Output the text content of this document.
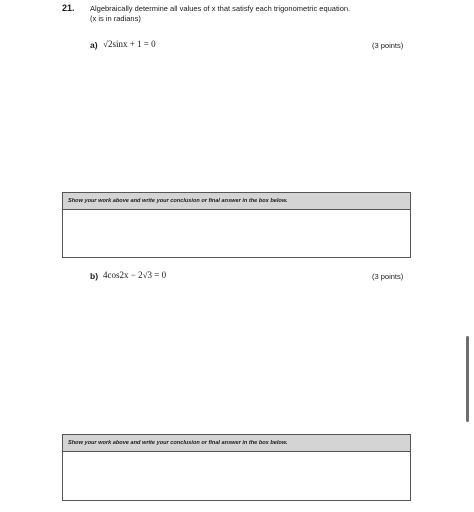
21. Algebraically determine all values of x that satisfy each trigonometric equation.
(x is in radians)
a) √2sinx + 1 = 0	(3 points)
Show your work above and write your conclusion or final answer in the box below.
b) 4cos2x − 2√3 = 0	(3 points)
Show your work above and write your conclusion or final answer in the box below.
